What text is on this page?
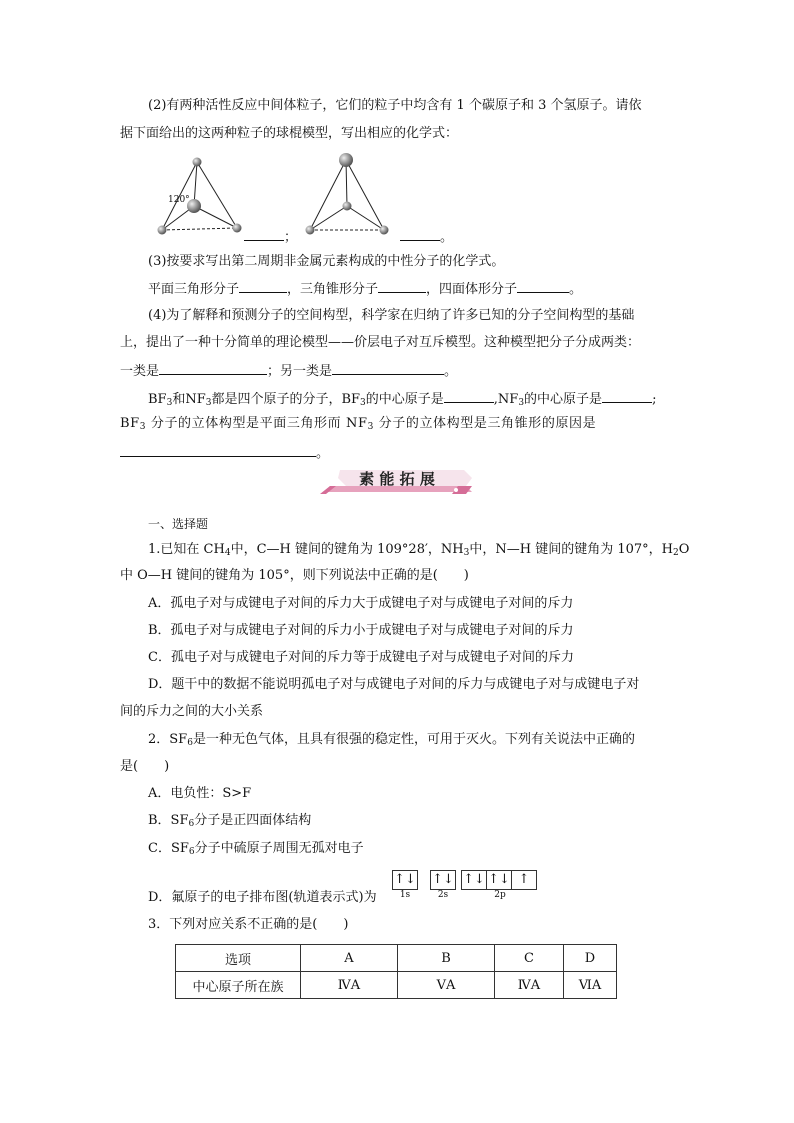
(2)有两种活性反应中间体粒子，它们的粒子中均含有 1 个碳原子和 3 个氢原子。请依
据下面给出的这两种粒子的球棍模型，写出相应的化学式：
120°
；	。
(3)按要求写出第二周期非金属元素构成的中性分子的化学式。
平面三角形分子	，三角锥形分子	，四面体形分子	。
(4)为了解释和预测分子的空间构型，科学家在归纳了许多已知的分子空间构型的基础
上，提出了一种十分简单的理论模型——价层电子对互斥模型。这种模型把分子分成两类：
一类是	；另一类是	。
$BF_3$和$NF_3$都是四个原子的分子，$BF_3$的中心原子是	$,NF_3$的中心原子是	;
$BF_3$ 分子的立体构型是平面三角形而 $NF_3$ 分子的立体构型是三角锥形的原因是
。
素 能 拓 展
一、选择题
1.已知在 $CH_4$中，C—H 键间的键角为 109°28′，$NH_3$中，N—H 键间的键角为 107°，$H_2O$
中 O—H 键间的键角为 105°，则下列说法中正确的是(　　)
A．孤电子对与成键电子对间的斥力大于成键电子对与成键电子对间的斥力
B．孤电子对与成键电子对间的斥力小于成键电子对与成键电子对间的斥力
C．孤电子对与成键电子对间的斥力等于成键电子对与成键电子对间的斥力
D．题干中的数据不能说明孤电子对与成键电子对间的斥力与成键电子对与成键电子对
间的斥力之间的大小关系
2．$SF_6$是一种无色气体，且具有很强的稳定性，可用于灭火。下列有关说法中正确的
是(　　)
A．电负性：S>F
B．$SF_6$分子是正四面体结构
C．$SF_6$分子中硫原子周围无孤对电子
D．氟原子的电子排布图(轨道表示式)为
↑↓
1s
↑↓
2s
↑↓ ↑↓ ↑
2p
3．下列对应关系不正确的是(　　)
选项	A	B	C	D
中心原子所在族	ⅣA	ⅤA	ⅣA	ⅥA
